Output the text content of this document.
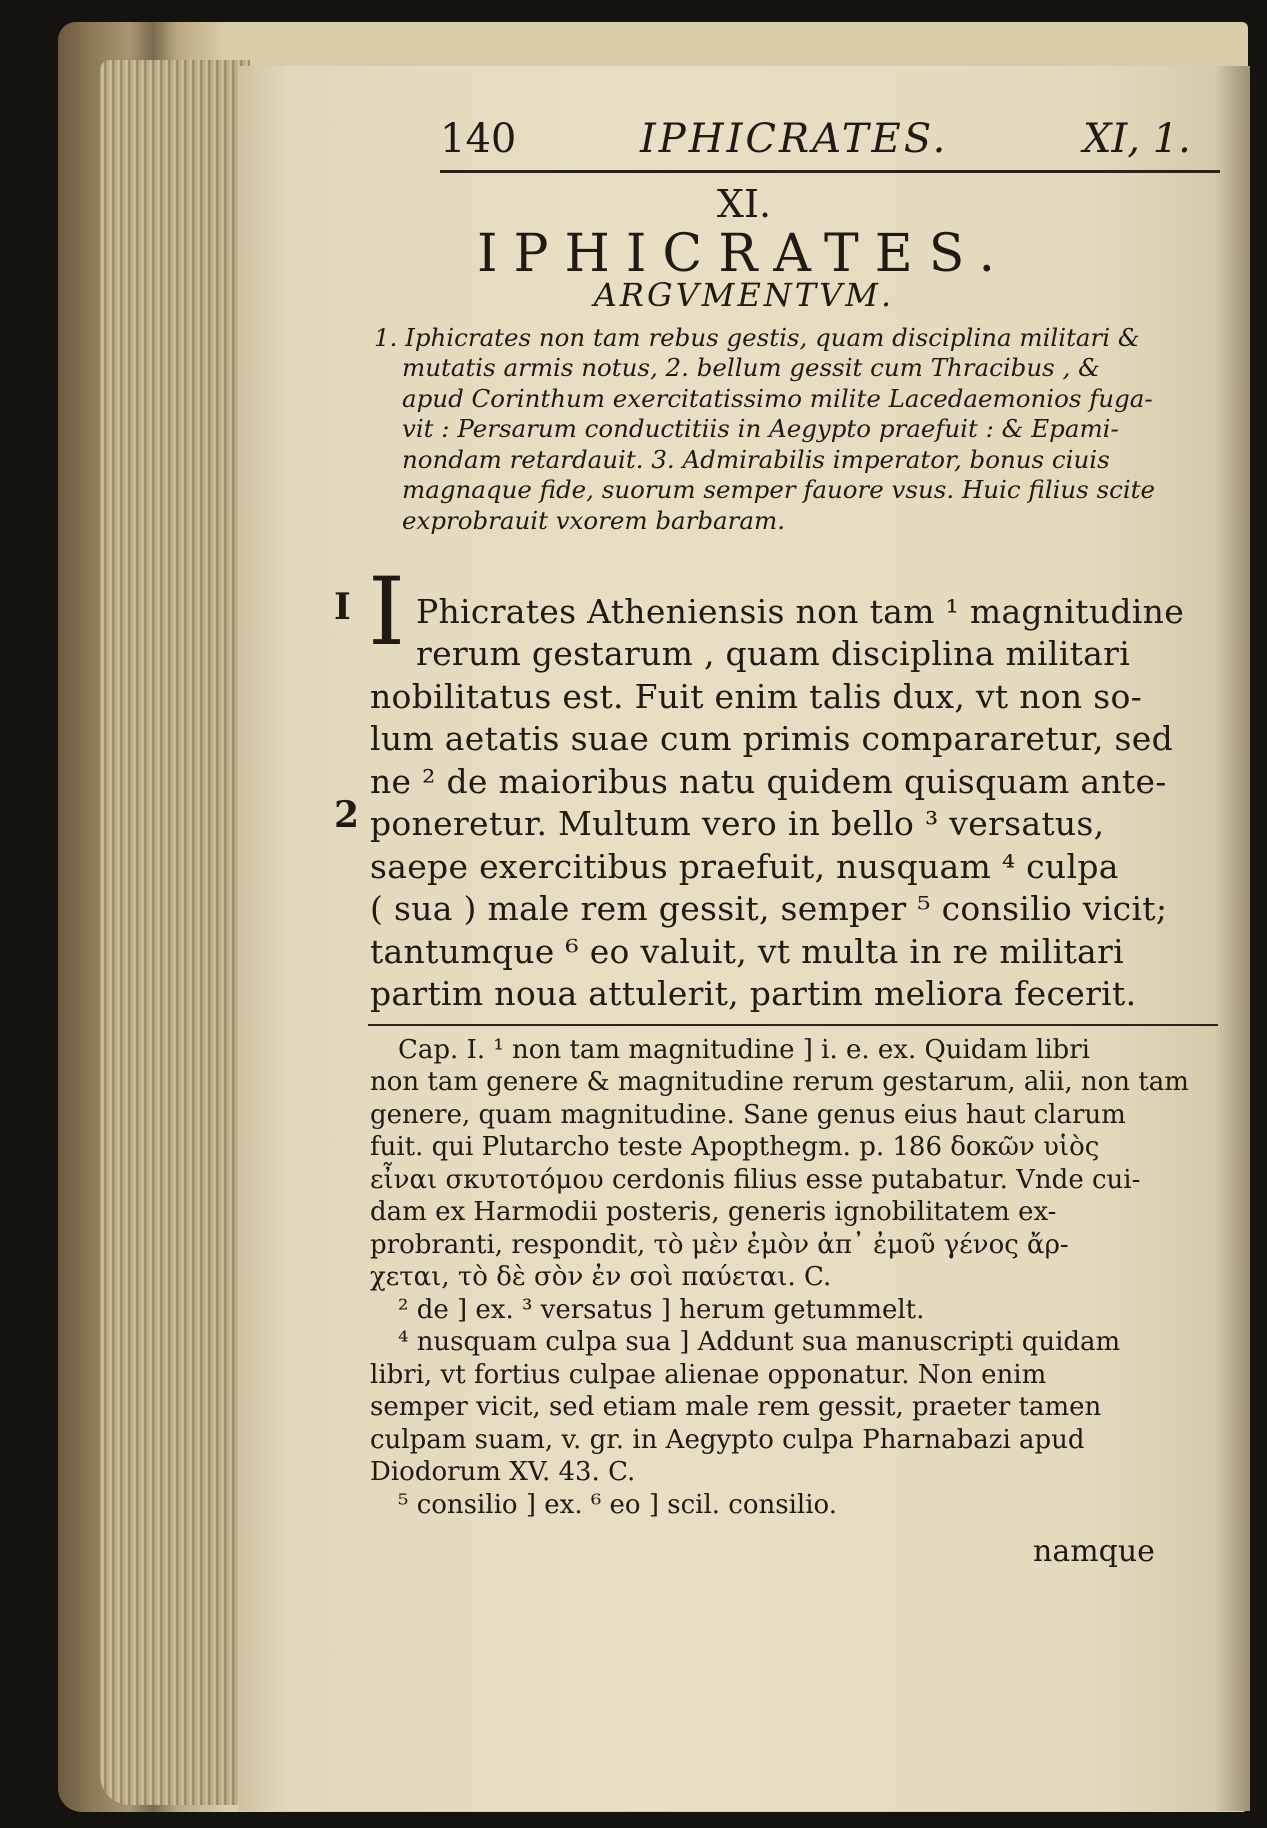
140	IPHICRATES.	XI, 1.
XI.
IPHICRATES.
ARGVMENTVM.
1. Iphicrates non tam rebus gestis, quam disciplina militari &
mutatis armis notus, 2. bellum gessit cum Thracibus , &
apud Corinthum exercitatissimo milite Lacedaemonios fuga-
vit : Persarum conductitiis in Aegypto praefuit : & Epami-
nondam retardauit. 3. Admirabilis imperator, bonus ciuis
magnaque fide, suorum semper fauore vsus. Huic filius scite
exprobrauit vxorem barbaram.
I
2
I Phicrates Atheniensis non tam ¹ magnitudine
rerum gestarum , quam disciplina militari
nobilitatus est. Fuit enim talis dux, vt non so-
lum aetatis suae cum primis compararetur, sed
ne ² de maioribus natu quidem quisquam ante-
poneretur. Multum vero in bello ³ versatus,
saepe exercitibus praefuit, nusquam ⁴ culpa
( sua ) male rem gessit, semper ⁵ consilio vicit;
tantumque ⁶ eo valuit, vt multa in re militari
partim noua attulerit, partim meliora fecerit.
Cap. I. ¹ non tam magnitudine ] i. e. ex. Quidam libri
non tam genere & magnitudine rerum gestarum, alii, non tam
genere, quam magnitudine. Sane genus eius haut clarum
fuit. qui Plutarcho teste Apopthegm. p. 186 δοκῶν υἱὸς
εἶναι σκυτοτόμου cerdonis filius esse putabatur. Vnde cui-
dam ex Harmodii posteris, generis ignobilitatem ex-
probranti, respondit, τὸ μὲν ἐμὸν ἀπ᾽ ἐμοῦ γένος ἄρ-
χεται, τὸ δὲ σὸν ἐν σοὶ παύεται. C.
² de ] ex. ³ versatus ] herum getummelt.
⁴ nusquam culpa sua ] Addunt sua manuscripti quidam
libri, vt fortius culpae alienae opponatur. Non enim
semper vicit, sed etiam male rem gessit, praeter tamen
culpam suam, v. gr. in Aegypto culpa Pharnabazi apud
Diodorum XV. 43. C.
⁵ consilio ] ex. ⁶ eo ] scil. consilio.
namque
